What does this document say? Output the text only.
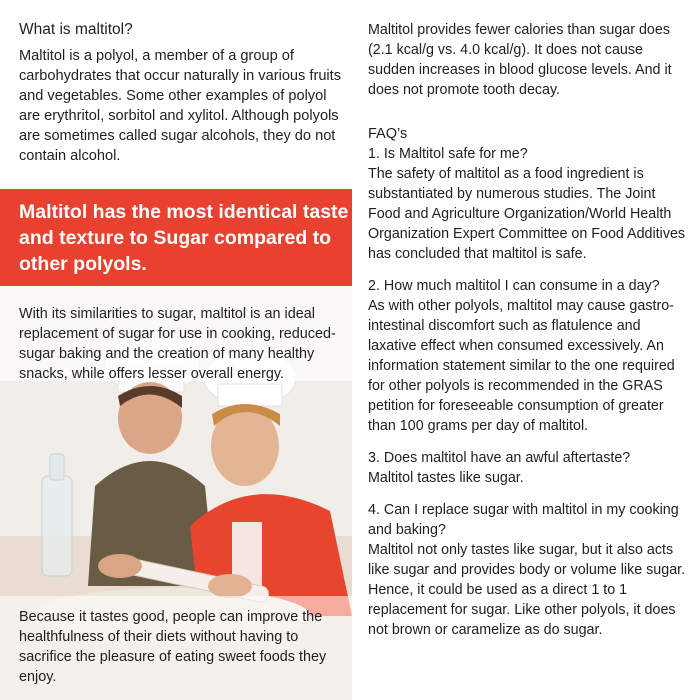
What is maltitol?

Maltitol is a polyol, a member of a group of carbohydrates that occur naturally in various fruits and vegetables. Some other examples of polyol are erythritol, sorbitol and xylitol. Although polyols are sometimes called sugar alcohols, they do not contain alcohol.

Maltitol has the most identical taste and texture to Sugar compared to other polyols.

With its similarities to sugar, maltitol is an ideal replacement of sugar for use in cooking, reduced-sugar baking and the creation of many healthy snacks, while offers lesser overall energy.
Because it tastes good, people can improve the healthfulness of their diets without having to sacrifice the pleasure of eating sweet foods they enjoy.

Maltitol provides fewer calories than sugar does (2.1 kcal/g vs. 4.0 kcal/g). It does not cause sudden increases in blood glucose levels. And it does not promote tooth decay.

FAQ’s

1. Is Maltitol safe for me?

The safety of maltitol as a food ingredient is substantiated by numerous studies. The Joint Food and Agriculture Organization/World Health Organization Expert Committee on Food Additives has concluded that maltitol is safe.

2. How much maltitol I can consume in a day?

As with other polyols, maltitol may cause gastro-intestinal discomfort such as flatulence and laxative effect when consumed excessively. An information statement similar to the one required for other polyols is recommended in the GRAS petition for foreseeable consumption of greater than 100 grams per day of maltitol.

3. Does maltitol have an awful aftertaste?

Maltitol tastes like sugar.

4. Can I replace sugar with maltitol in my cooking and baking?

Maltitol not only tastes like sugar, but it also acts like sugar and provides body or volume like sugar. Hence, it could be used as a direct 1 to 1 replacement for sugar. Like other polyols, it does not brown or caramelize as do sugar.
